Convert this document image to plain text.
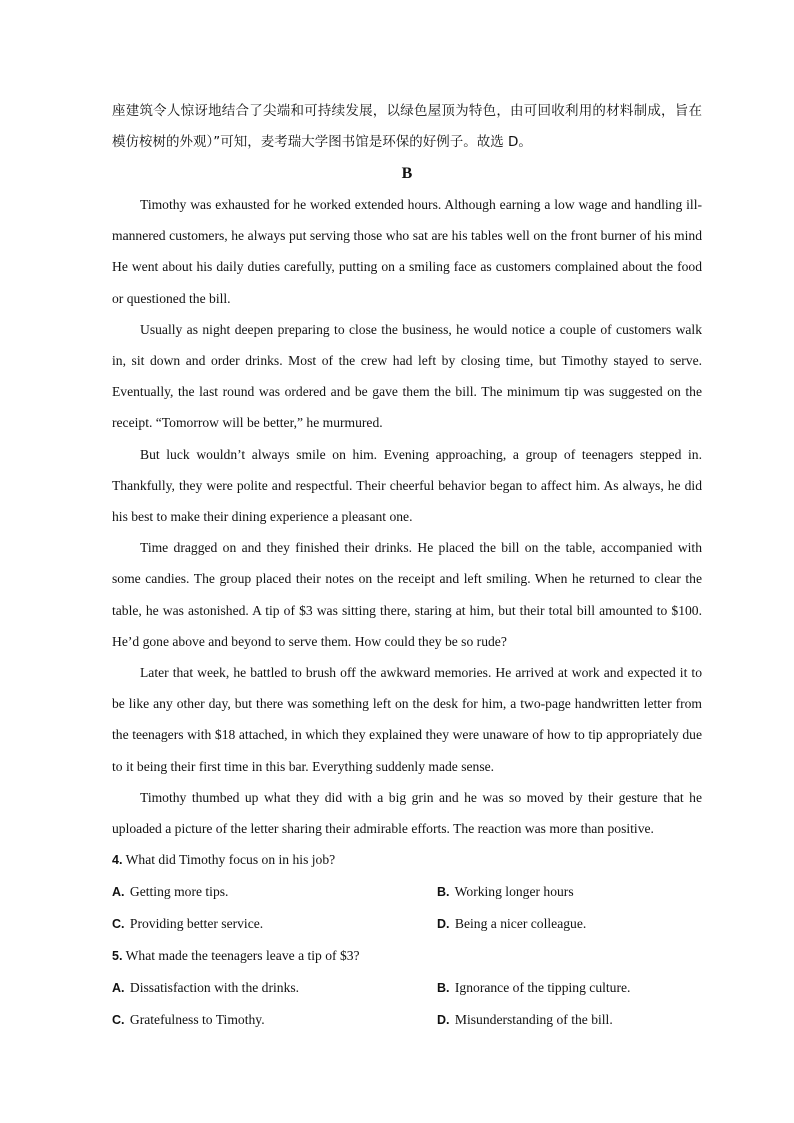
座建筑令人惊讶地结合了尖端和可持续发展，以绿色屋顶为特色，由可回收利用的材料制成，旨在模仿桉树的外观）”可知，麦考瑞大学图书馆是环保的好例子。故选 D。

B

Timothy was exhausted for he worked extended hours. Although earning a low wage and handling ill-mannered customers, he always put serving those who sat are his tables well on the front burner of his mind He went about his daily duties carefully, putting on a smiling face as customers complained about the food or questioned the bill.

Usually as night deepen preparing to close the business, he would notice a couple of customers walk in, sit down and order drinks. Most of the crew had left by closing time, but Timothy stayed to serve. Eventually, the last round was ordered and be gave them the bill. The minimum tip was suggested on the receipt. “Tomorrow will be better,” he murmured.

But luck wouldn’t always smile on him. Evening approaching, a group of teenagers stepped in. Thankfully, they were polite and respectful. Their cheerful behavior began to affect him. As always, he did his best to make their dining experience a pleasant one.

Time dragged on and they finished their drinks. He placed the bill on the table, accompanied with some candies. The group placed their notes on the receipt and left smiling. When he returned to clear the table, he was astonished. A tip of $3 was sitting there, staring at him, but their total bill amounted to $100. He’d gone above and beyond to serve them. How could they be so rude?

Later that week, he battled to brush off the awkward memories. He arrived at work and expected it to be like any other day, but there was something left on the desk for him, a two-page handwritten letter from the teenagers with $18 attached, in which they explained they were unaware of how to tip appropriately due to it being their first time in this bar. Everything suddenly made sense.

Timothy thumbed up what they did with a big grin and he was so moved by their gesture that he uploaded a picture of the letter sharing their admirable efforts. The reaction was more than positive.

4. What did Timothy focus on in his job?

A. Getting more tips.	B. Working longer hours
C. Providing better service.	D. Being a nicer colleague.

5. What made the teenagers leave a tip of $3?

A. Dissatisfaction with the drinks.	B. Ignorance of the tipping culture.
C. Gratefulness to Timothy.	D. Misunderstanding of the bill.
